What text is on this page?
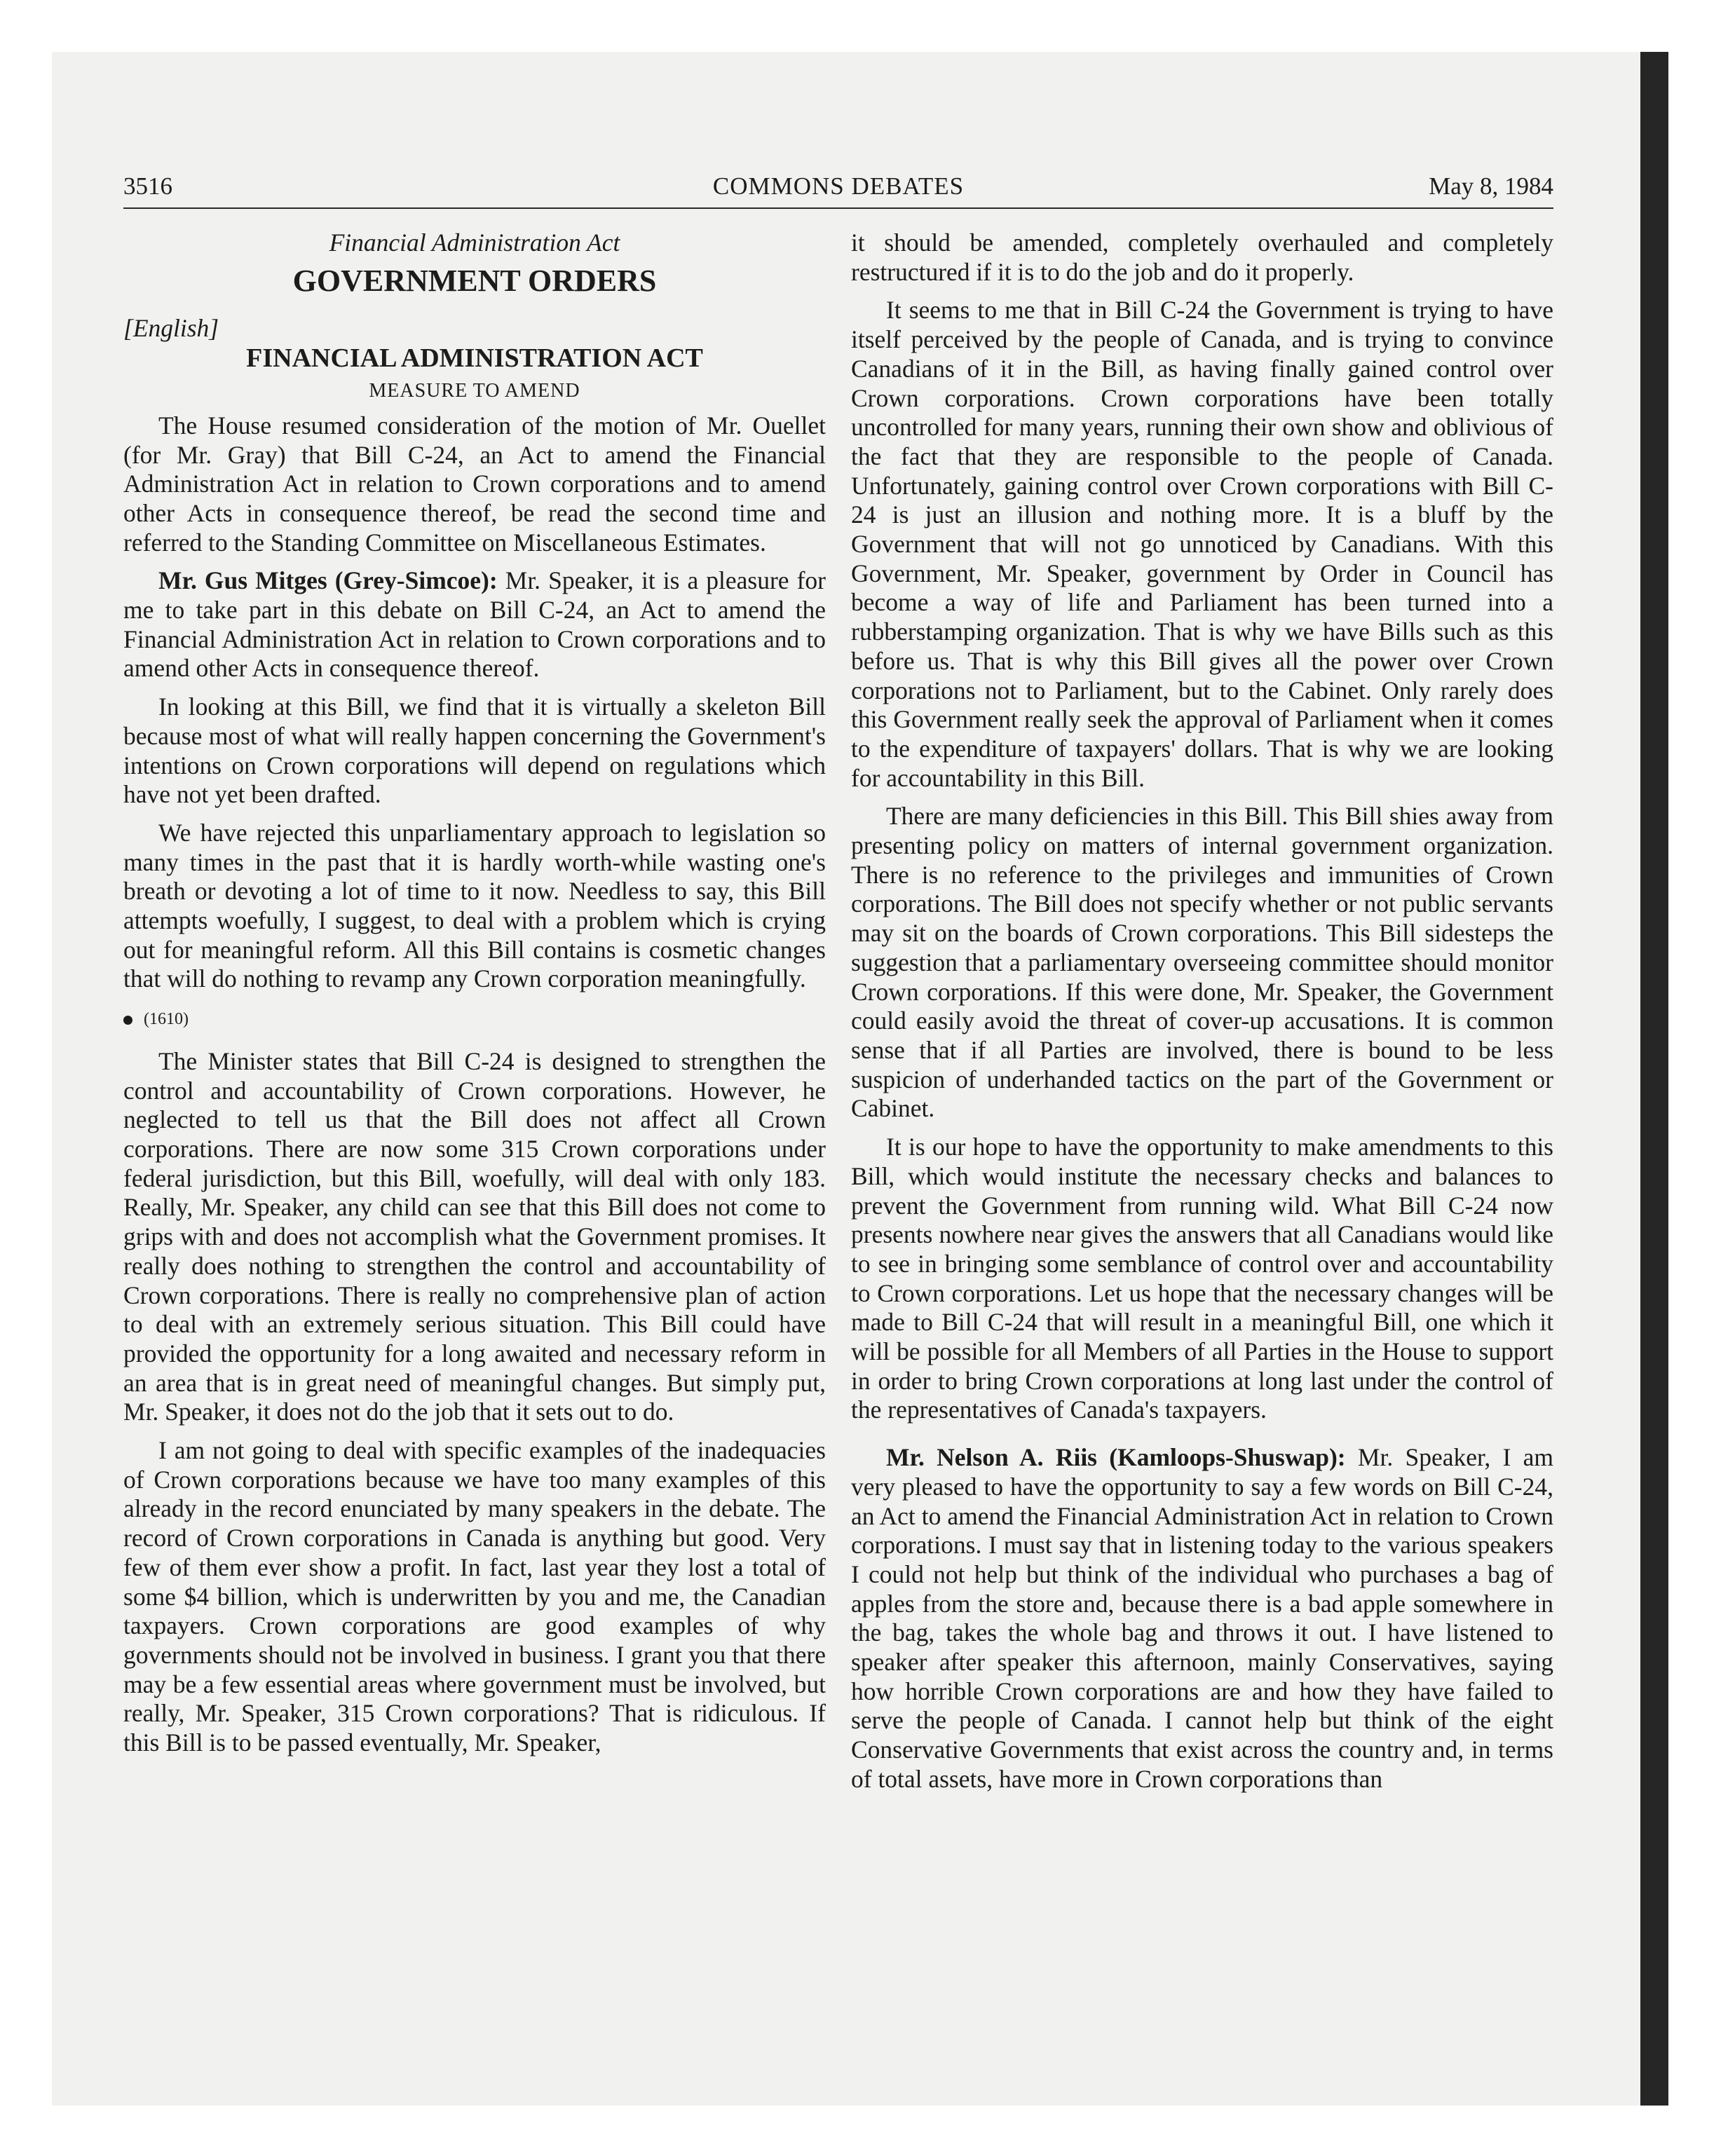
3516	COMMONS DEBATES	May 8, 1984
Financial Administration Act
GOVERNMENT ORDERS
[English]
FINANCIAL ADMINISTRATION ACT
MEASURE TO AMEND

The House resumed consideration of the motion of Mr. Ouellet (for Mr. Gray) that Bill C-24, an Act to amend the Financial Administration Act in relation to Crown corporations and to amend other Acts in consequence thereof, be read the second time and referred to the Standing Committee on Miscellaneous Estimates.

Mr. Gus Mitges (Grey-Simcoe): Mr. Speaker, it is a pleasure for me to take part in this debate on Bill C-24, an Act to amend the Financial Administration Act in relation to Crown corporations and to amend other Acts in consequence thereof.

In looking at this Bill, we find that it is virtually a skeleton Bill because most of what will really happen concerning the Government's intentions on Crown corporations will depend on regulations which have not yet been drafted.

We have rejected this unparliamentary approach to legislation so many times in the past that it is hardly worth-while wasting one's breath or devoting a lot of time to it now. Needless to say, this Bill attempts woefully, I suggest, to deal with a problem which is crying out for meaningful reform. All this Bill contains is cosmetic changes that will do nothing to revamp any Crown corporation meaningfully.

(1610)

The Minister states that Bill C-24 is designed to strengthen the control and accountability of Crown corporations. However, he neglected to tell us that the Bill does not affect all Crown corporations. There are now some 315 Crown corporations under federal jurisdiction, but this Bill, woefully, will deal with only 183. Really, Mr. Speaker, any child can see that this Bill does not come to grips with and does not accomplish what the Government promises. It really does nothing to strengthen the control and accountability of Crown corporations. There is really no comprehensive plan of action to deal with an extremely serious situation. This Bill could have provided the opportunity for a long awaited and necessary reform in an area that is in great need of meaningful changes. But simply put, Mr. Speaker, it does not do the job that it sets out to do.

I am not going to deal with specific examples of the inadequacies of Crown corporations because we have too many examples of this already in the record enunciated by many speakers in the debate. The record of Crown corporations in Canada is anything but good. Very few of them ever show a profit. In fact, last year they lost a total of some $4 billion, which is underwritten by you and me, the Canadian taxpayers. Crown corporations are good examples of why governments should not be involved in business. I grant you that there may be a few essential areas where government must be involved, but really, Mr. Speaker, 315 Crown corporations? That is ridiculous. If this Bill is to be passed eventually, Mr. Speaker,

it should be amended, completely overhauled and completely restructured if it is to do the job and do it properly.

It seems to me that in Bill C-24 the Government is trying to have itself perceived by the people of Canada, and is trying to convince Canadians of it in the Bill, as having finally gained control over Crown corporations. Crown corporations have been totally uncontrolled for many years, running their own show and oblivious of the fact that they are responsible to the people of Canada. Unfortunately, gaining control over Crown corporations with Bill C-24 is just an illusion and nothing more. It is a bluff by the Government that will not go unnoticed by Canadians. With this Government, Mr. Speaker, government by Order in Council has become a way of life and Parliament has been turned into a rubberstamping organization. That is why we have Bills such as this before us. That is why this Bill gives all the power over Crown corporations not to Parliament, but to the Cabinet. Only rarely does this Government really seek the approval of Parliament when it comes to the expenditure of taxpayers' dollars. That is why we are looking for accountability in this Bill.

There are many deficiencies in this Bill. This Bill shies away from presenting policy on matters of internal government organization. There is no reference to the privileges and immunities of Crown corporations. The Bill does not specify whether or not public servants may sit on the boards of Crown corporations. This Bill sidesteps the suggestion that a parliamentary overseeing committee should monitor Crown corporations. If this were done, Mr. Speaker, the Government could easily avoid the threat of cover-up accusations. It is common sense that if all Parties are involved, there is bound to be less suspicion of underhanded tactics on the part of the Government or Cabinet.

It is our hope to have the opportunity to make amendments to this Bill, which would institute the necessary checks and balances to prevent the Government from running wild. What Bill C-24 now presents nowhere near gives the answers that all Canadians would like to see in bringing some semblance of control over and accountability to Crown corporations. Let us hope that the necessary changes will be made to Bill C-24 that will result in a meaningful Bill, one which it will be possible for all Members of all Parties in the House to support in order to bring Crown corporations at long last under the control of the representatives of Canada's taxpayers.

Mr. Nelson A. Riis (Kamloops-Shuswap): Mr. Speaker, I am very pleased to have the opportunity to say a few words on Bill C-24, an Act to amend the Financial Administration Act in relation to Crown corporations. I must say that in listening today to the various speakers I could not help but think of the individual who purchases a bag of apples from the store and, because there is a bad apple somewhere in the bag, takes the whole bag and throws it out. I have listened to speaker after speaker this afternoon, mainly Conservatives, saying how horrible Crown corporations are and how they have failed to serve the people of Canada. I cannot help but think of the eight Conservative Governments that exist across the country and, in terms of total assets, have more in Crown corporations than
